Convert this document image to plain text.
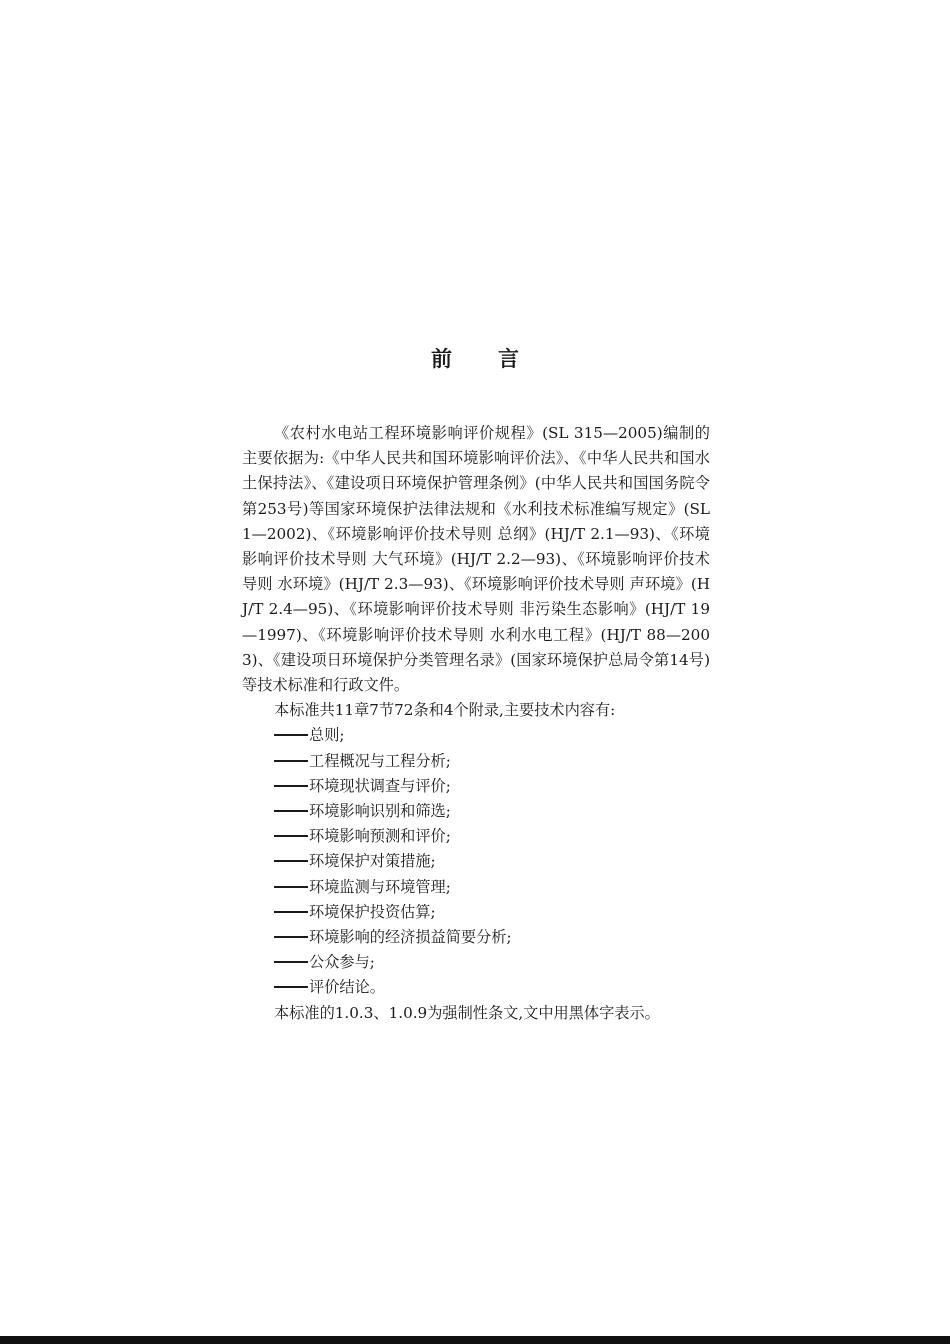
前 言

《农村水电站工程环境影响评价规程》(SL 315—2005)编制的主要依据为:《中华人民共和国环境影响评价法》、《中华人民共和国水土保持法》、《建设项日环境保护管理条例》(中华人民共和国国务院令第253号)等国家环境保护法律法规和《水利技术标准编写规定》(SL 1—2002)、《环境影响评价技术导则 总纲》(HJ/T 2.1—93)、《环境影响评价技术导则 大气环境》(HJ/T 2.2—93)、《环境影响评价技术导则 水环境》(HJ/T 2.3—93)、《环境影响评价技术导则 声环境》(HJ/T 2.4—95)、《环境影响评价技术导则 非污染生态影响》(HJ/T 19—1997)、《环境影响评价技术导则 水利水电工程》(HJ/T 88—2003)、《建设项日环境保护分类管理名录》(国家环境保护总局令第14号)等技术标准和行政文件。

本标准共11章7节72条和4个附录,主要技术内容有:

总则;
工程概况与工程分析;
环境现状调查与评价;
环境影响识别和筛选;
环境影响预测和评价;
环境保护对策措施;
环境监测与环境管理;
环境保护投资估算;
环境影响的经济损益简要分析;
公众参与;
评价结论。

本标准的1.0.3、1.0.9为强制性条文,文中用黑体字表示。
